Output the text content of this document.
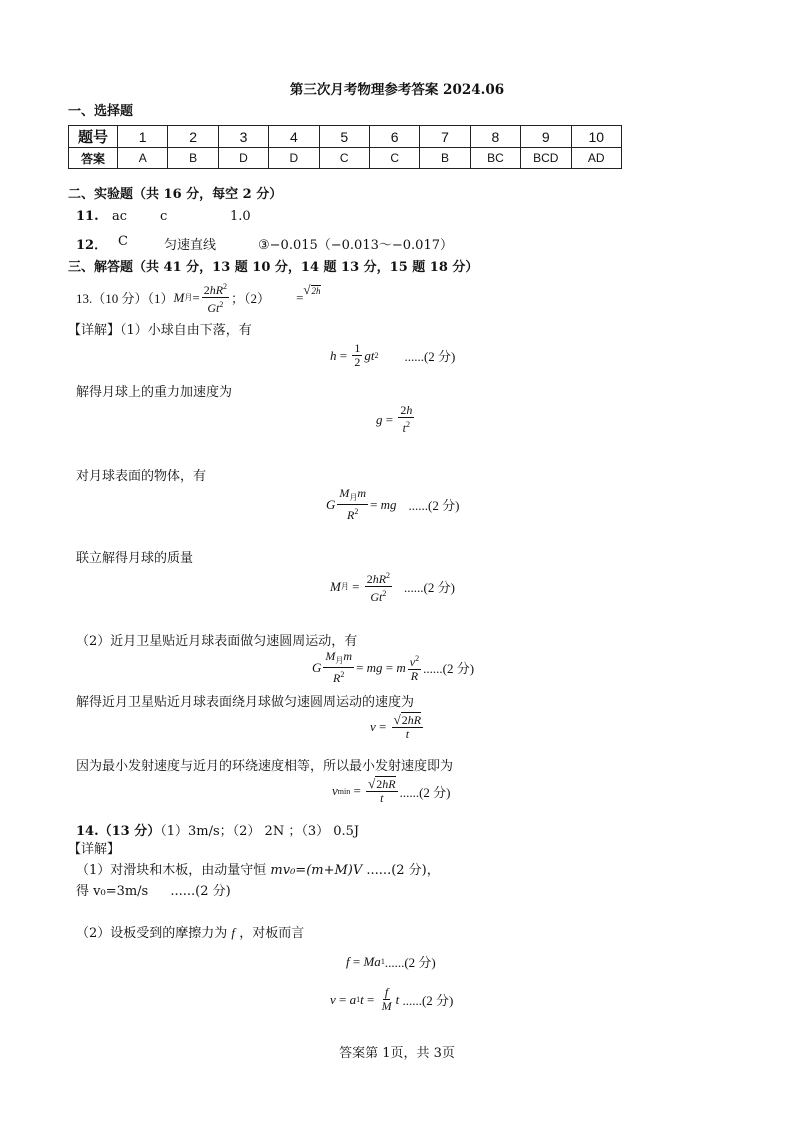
第三次月考物理参考答案 2024.06
一、选择题
题号	1	2	3	4	5	6	7	8	9	10
答案	A	B	D	D	C	C	B	BC	BCD	AD
二、实验题（共 16 分，每空 2 分）
11. ac	c	1.0
12． C	匀速直线	③−0.015（−0.013～−0.017）
三、解答题（共 41 分，13 题 10 分，14 题 13 分，15 题 18 分）
13.（10 分）（1） M 月 = $\frac{2hR^2}{Gt^2}$ ；（2） =
√2h
【详解】（1）小球自由下落，有
$h = \frac{1}{2}$ gt 2 ......(2 分)
解得月球上的重力加速度为
$g = \frac{2h}{t^2}$
对月球表面的物体，有
G $\frac{M_月m}{R^2}$ = mg ......(2 分)
联立解得月球的质量
M 月 = $\frac{2hR^2}{Gt^2} ......(2$ 分)
（2）近月卫星贴近月球表面做匀速圆周运动，有
G $\frac{M_月m}{R^2}$ = mg = m $\frac{v^2}{R} ......(2$ 分)
解得近月卫星贴近月球表面绕月球做匀速圆周运动的速度为
$v = \frac{√2hR}{t}$
因为最小发射速度与近月的环绕速度相等，所以最小发射速度即为
v $\min = \frac{√2hR}{t} ......(2$ 分)
14.（13 分）（1）3m/s；（2） 2N ；（3） 0.5J
【详解】
（1）对滑块和木板，由动量守恒 mv₀=(m+M)V ......(2 分)，
得 v₀=3m/s ......(2 分)
（2）设板受到的摩擦力为 f ，对板而言
f = Ma 1 ......(2 分)
v = a 1 $t = \frac{f}{M}$ t
......(2 分)
答案第 1页，共 3页
